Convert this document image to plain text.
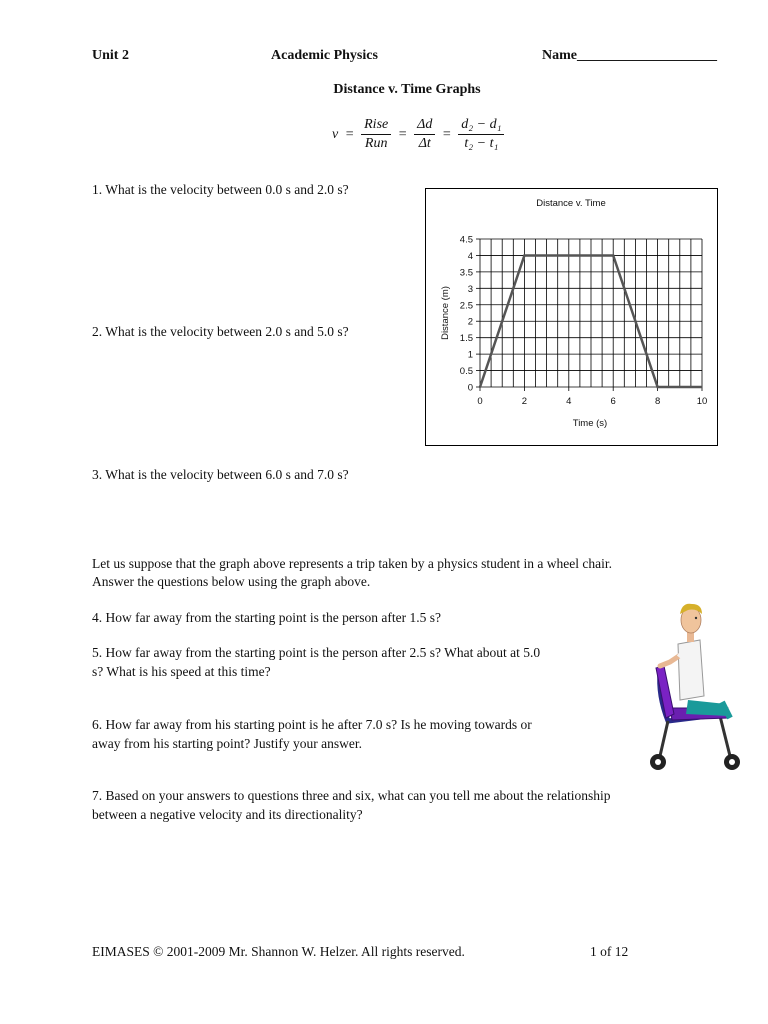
Unit 2	Academic Physics	Name____________________
Distance v. Time Graphs
$v = \frac{\text{Rise}}{\text{Run}} = \frac{\Delta d}{\Delta t} = \frac{\text{d₂ − d₁}}{\text{t₂ − t₁}}$
1. What is the velocity between 0.0 s and 2.0 s?
2. What is the velocity between 2.0 s and 5.0 s?
3. What is the velocity between 6.0 s and 7.0 s?
Distance v. Time
Time (s)
Distance (m)
0
0.5
1
1.5
2
2.5
3
3.5
4
4.5
0	2	4	6	8	10
Let us suppose that the graph above represents a trip taken by a physics student in a wheel chair.
Answer the questions below using the graph above.
4. How far away from the starting point is the person after 1.5 s?
5. How far away from the starting point is the person after 2.5 s? What about at 5.0
s? What is his speed at this time?
6. How far away from his starting point is he after 7.0 s? Is he moving towards or
away from his starting point? Justify your answer.
7. Based on your answers to questions three and six, what can you tell me about the relationship
between a negative velocity and its directionality?
EIMASES © 2001-2009 Mr. Shannon W. Helzer. All rights reserved.	1 of 12
